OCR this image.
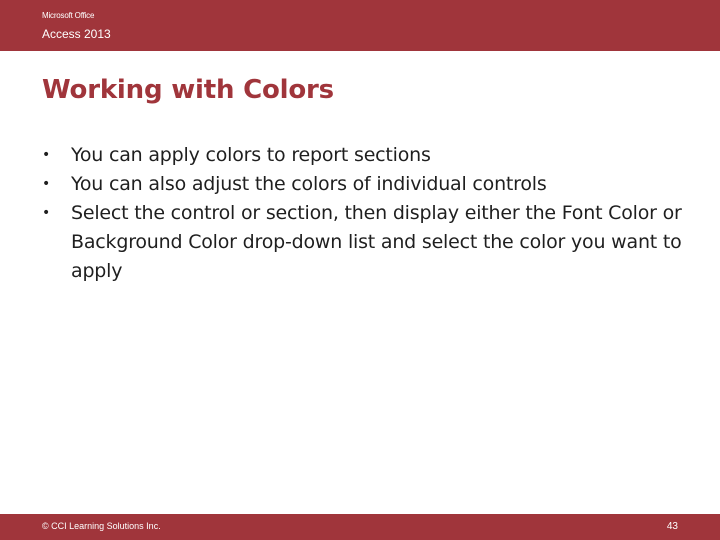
Microsoft Office
Access 2013
Working with Colors
•	You can apply colors to report sections
•	You can also adjust the colors of individual controls
•	Select the control or section, then display either the Font Color or Background Color drop-down list and select the color you want to apply
© CCI Learning Solutions Inc.	43
